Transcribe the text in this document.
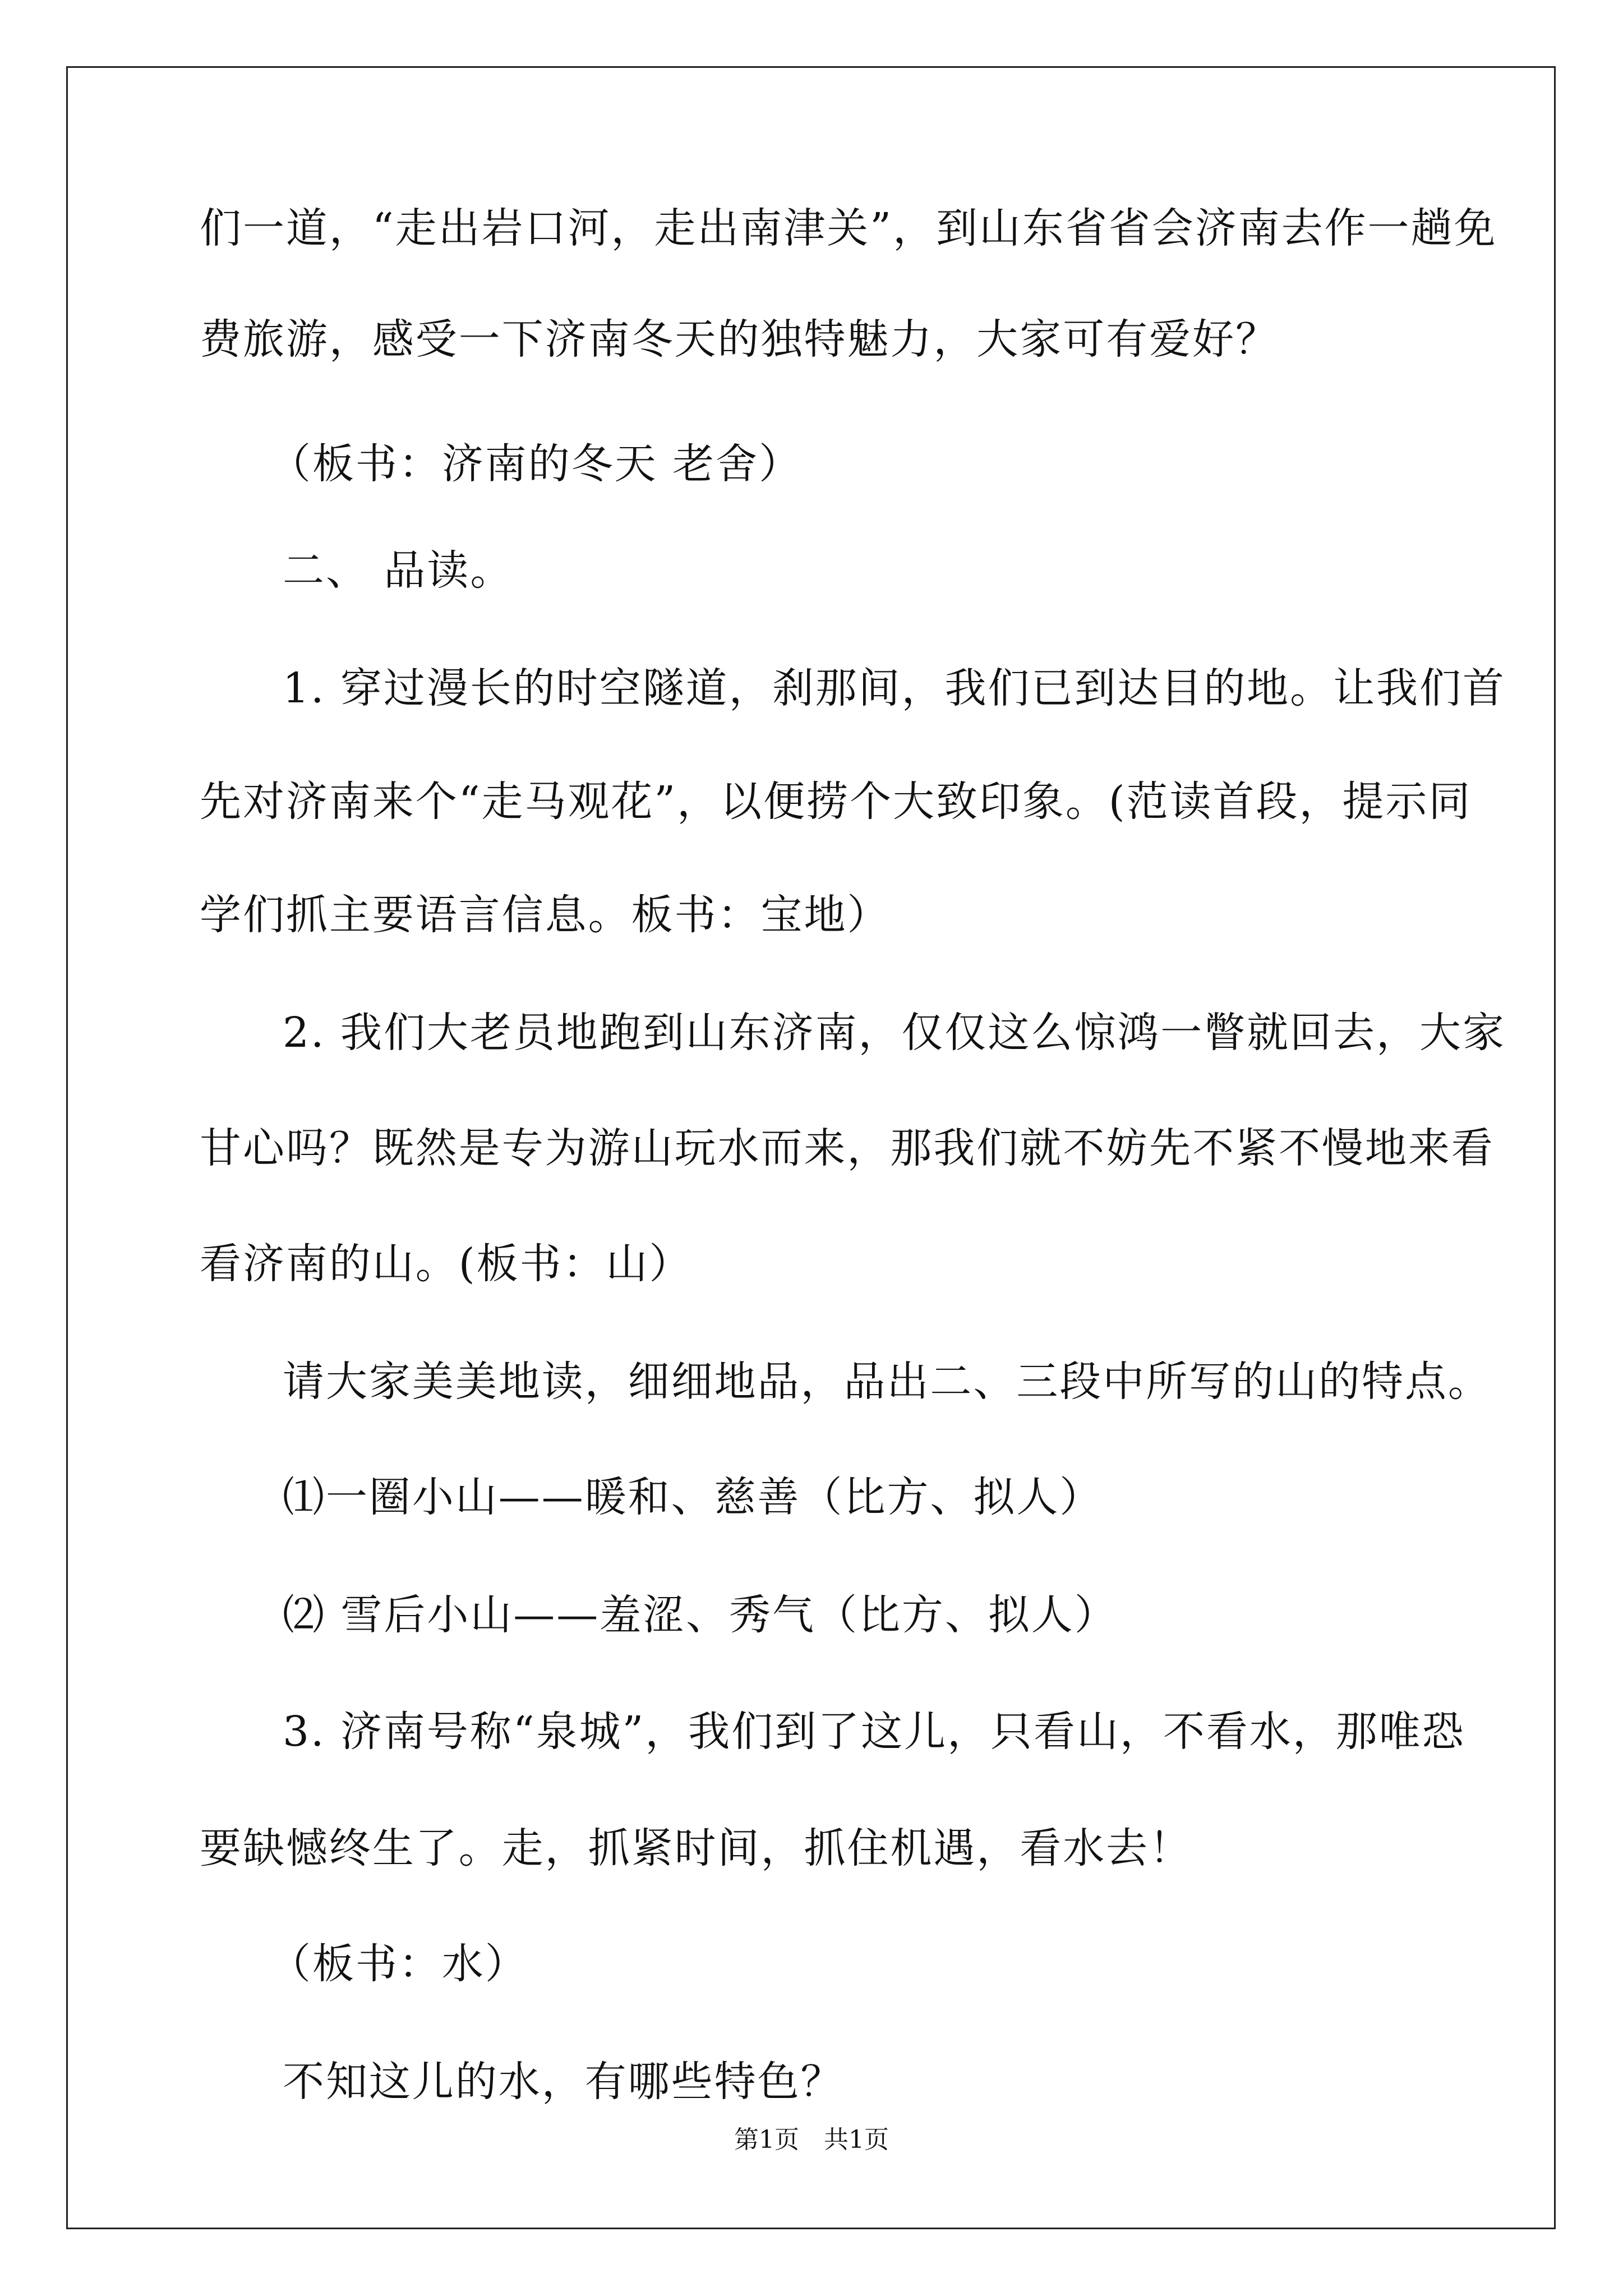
们一道，“走出岩口河，走出南津关”，到山东省省会济南去作一趟免
费旅游，感受一下济南冬天的独特魅力，大家可有爱好？
（板书：济南的冬天 老舍）
二、 品读。
1. 穿过漫长的时空隧道，刹那间，我们已到达目的地。让我们首
先对济南来个“走马观花”，以便捞个大致印象。(范读首段，提示同
学们抓主要语言信息。板书：宝地）
2. 我们大老员地跑到山东济南，仅仅这么惊鸿一瞥就回去，大家
甘心吗？既然是专为游山玩水而来，那我们就不妨先不紧不慢地来看
看济南的山。(板书：山）
请大家美美地读，细细地品，品出二、三段中所写的山的特点。
⑴一圈小山——暖和、慈善（比方、拟人）
⑵ 雪后小山——羞涩、秀气（比方、拟人）
3. 济南号称“泉城”，我们到了这儿，只看山，不看水，那唯恐
要缺憾终生了。走，抓紧时间，抓住机遇，看水去！
（板书：水）
不知这儿的水，有哪些特色？
第1页　共1页
